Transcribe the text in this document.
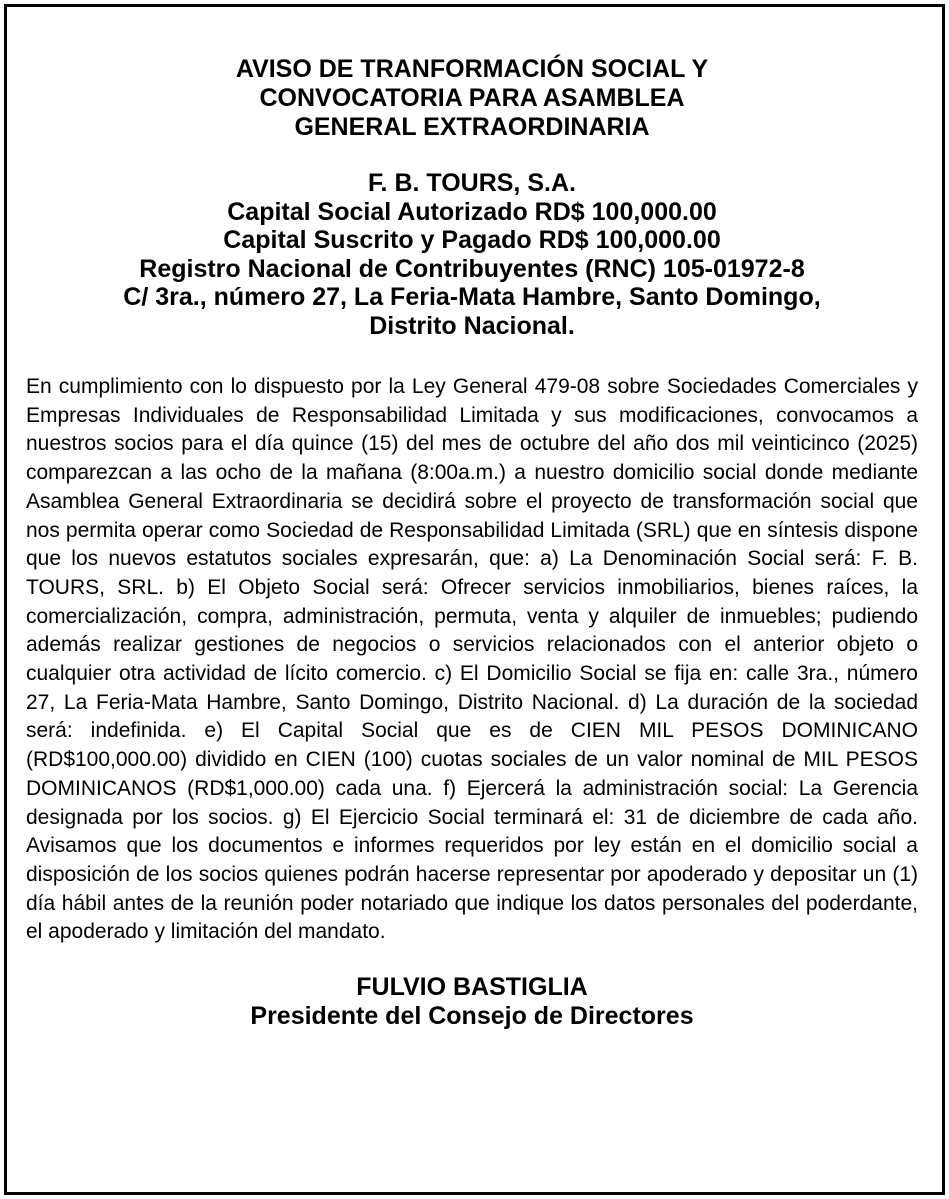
AVISO DE TRANFORMACIÓN SOCIAL Y
CONVOCATORIA PARA ASAMBLEA
GENERAL EXTRAORDINARIA
F. B. TOURS, S.A.
Capital Social Autorizado RD$ 100,000.00
Capital Suscrito y Pagado RD$ 100,000.00
Registro Nacional de Contribuyentes (RNC) 105-01972-8
C/ 3ra., número 27, La Feria-Mata Hambre, Santo Domingo,
Distrito Nacional.

En cumplimiento con lo dispuesto por la Ley General 479-08 sobre Sociedades Comerciales y Empresas Individuales de Responsabilidad Limitada y sus modificaciones, convocamos a nuestros socios para el día quince (15) del mes de octubre del año dos mil veinticinco (2025) comparezcan a las ocho de la mañana (8:00a.m.) a nuestro domicilio social donde mediante Asamblea General Extraordinaria se decidirá sobre el proyecto de transformación social que nos permita operar como Sociedad de Responsabilidad Limitada (SRL) que en síntesis dispone que los nuevos estatutos sociales expresarán, que: a) La Denominación Social será: F. B. TOURS, SRL. b) El Objeto Social será: Ofrecer servicios inmobiliarios, bienes raíces, la comercialización, compra, administración, permuta, venta y alquiler de inmuebles; pudiendo además realizar gestiones de negocios o servicios relacionados con el anterior objeto o cualquier otra actividad de lícito comercio. c) El Domicilio Social se fija en: calle 3ra., número 27, La Feria-Mata Hambre, Santo Domingo, Distrito Nacional. d) La duración de la sociedad será: indefinida. e) El Capital Social que es de CIEN MIL PESOS DOMINICANO (RD$100,000.00) dividido en CIEN (100) cuotas sociales de un valor nominal de MIL PESOS DOMINICANOS (RD$1,000.00) cada una. f) Ejercerá la administración social: La Gerencia designada por los socios. g) El Ejercicio Social terminará el: 31 de diciembre de cada año. Avisamos que los documentos e informes requeridos por ley están en el domicilio social a disposición de los socios quienes podrán hacerse representar por apoderado y depositar un (1) día hábil antes de la reunión poder notariado que indique los datos personales del poderdante, el apoderado y limitación del mandato.

FULVIO BASTIGLIA
Presidente del Consejo de Directores
